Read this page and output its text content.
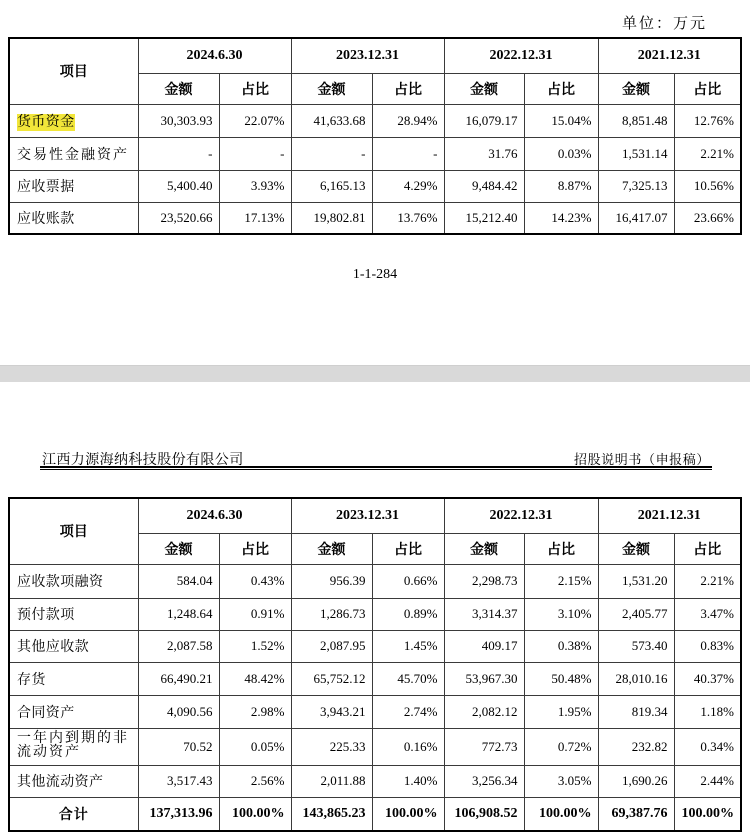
单位：万元
项目	2024.6.30		2023.12.31		2022.12.31		2021.12.31	
	金额	占比	金额	占比	金额	占比	金额	占比
货币资金	30,303.93	22.07%	41,633.68	28.94%	16,079.17	15.04%	8,851.48	12.76%
交易性金融资产	-	-	-	-	31.76	0.03%	1,531.14	2.21%
应收票据	5,400.40	3.93%	6,165.13	4.29%	9,484.42	8.87%	7,325.13	10.56%
应收账款	23,520.66	17.13%	19,802.81	13.76%	15,212.40	14.23%	16,417.07	23.66%
1-1-284
江西力源海纳科技股份有限公司	招股说明书（申报稿）
项目	2024.6.30		2023.12.31		2022.12.31		2021.12.31	
	金额	占比	金额	占比	金额	占比	金额	占比
应收款项融资	584.04	0.43%	956.39	0.66%	2,298.73	2.15%	1,531.20	2.21%
预付款项	1,248.64	0.91%	1,286.73	0.89%	3,314.37	3.10%	2,405.77	3.47%
其他应收款	2,087.58	1.52%	2,087.95	1.45%	409.17	0.38%	573.40	0.83%
存货	66,490.21	48.42%	65,752.12	45.70%	53,967.30	50.48%	28,010.16	40.37%
合同资产	4,090.56	2.98%	3,943.21	2.74%	2,082.12	1.95%	819.34	1.18%
一年内到期的非流动资产	70.52	0.05%	225.33	0.16%	772.73	0.72%	232.82	0.34%
其他流动资产	3,517.43	2.56%	2,011.88	1.40%	3,256.34	3.05%	1,690.26	2.44%
合计	137,313.96	100.00%	143,865.23	100.00%	106,908.52	100.00%	69,387.76	100.00%
